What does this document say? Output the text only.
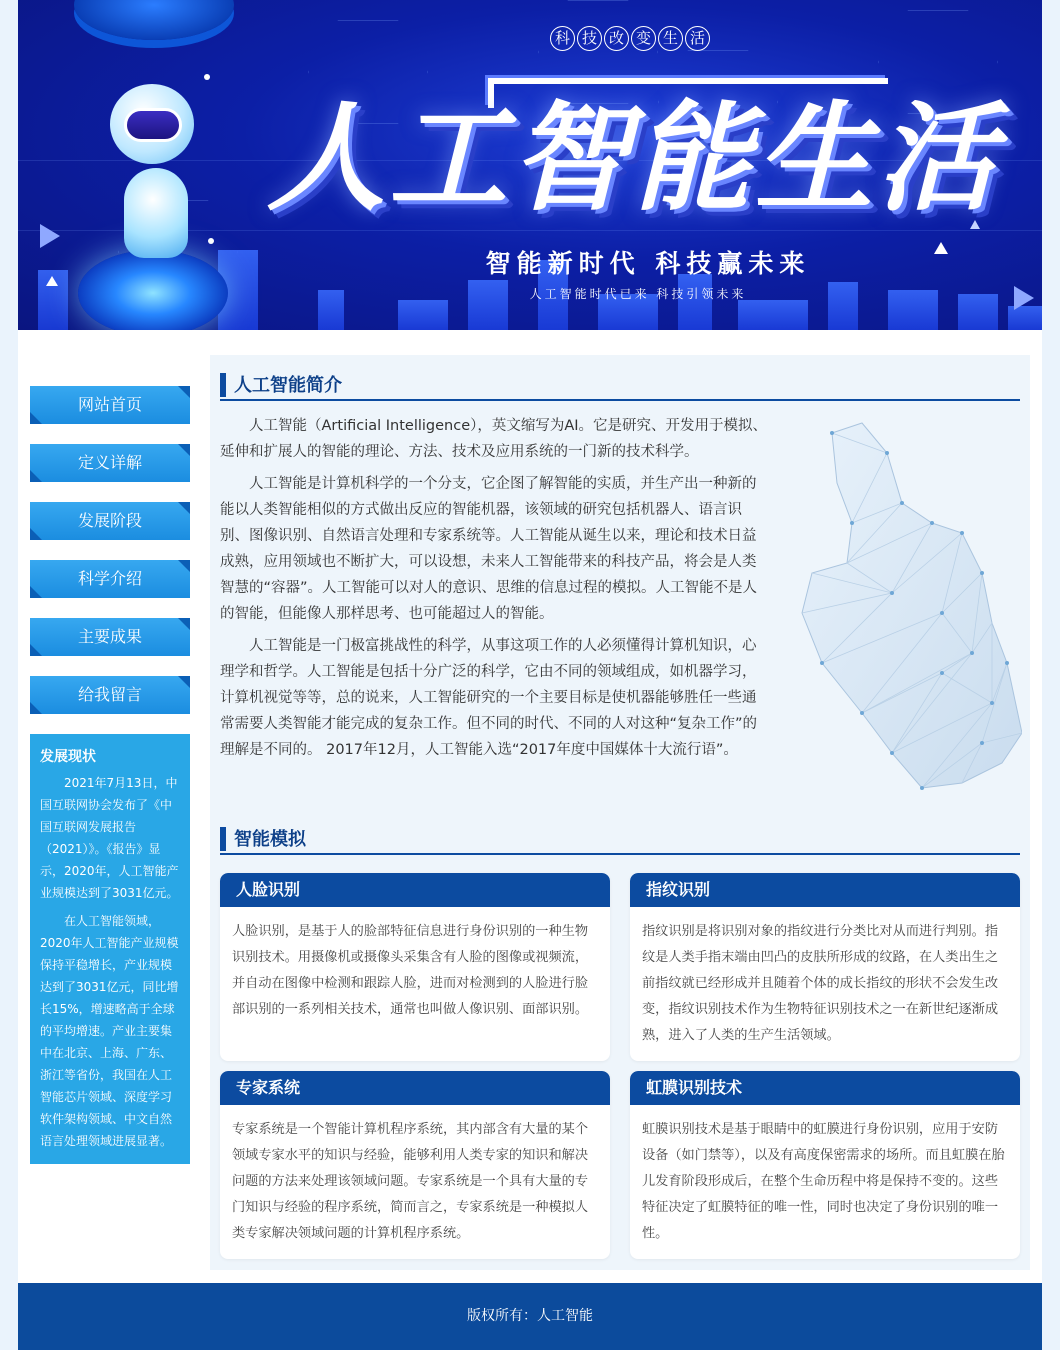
科 技 改 变 生 活
人工智能生活
智能新时代 科技赢未来
人工智能时代已来 科技引领未来
网站首页
定义详解
发展阶段
科学介绍
主要成果
给我留言
发展现状

2021年7月13日，中国互联网协会发布了《中国互联网发展报告（2021）》。《报告》显示，2020年，人工智能产业规模达到了3031亿元。

在人工智能领域，2020年人工智能产业规模保持平稳增长，产业规模达到了3031亿元，同比增长15%，增速略高于全球的平均增速。产业主要集中在北京、上海、广东、浙江等省份，我国在人工智能芯片领域、深度学习软件架构领域、中文自然语言处理领域进展显著。

人工智能简介

人工智能（Artificial Intelligence），英文缩写为AI。它是研究、开发用于模拟、延伸和扩展人的智能的理论、方法、技术及应用系统的一门新的技术科学。

人工智能是计算机科学的一个分支，它企图了解智能的实质，并生产出一种新的能以人类智能相似的方式做出反应的智能机器，该领域的研究包括机器人、语言识别、图像识别、自然语言处理和专家系统等。人工智能从诞生以来，理论和技术日益成熟，应用领域也不断扩大，可以设想，未来人工智能带来的科技产品，将会是人类智慧的“容器”。人工智能可以对人的意识、思维的信息过程的模拟。人工智能不是人的智能，但能像人那样思考、也可能超过人的智能。

人工智能是一门极富挑战性的科学，从事这项工作的人必须懂得计算机知识，心理学和哲学。人工智能是包括十分广泛的科学，它由不同的领域组成，如机器学习，计算机视觉等等，总的说来，人工智能研究的一个主要目标是使机器能够胜任一些通常需要人类智能才能完成的复杂工作。但不同的时代、不同的人对这种“复杂工作”的理解是不同的。 2017年12月，人工智能入选“2017年度中国媒体十大流行语”。

智能模拟
人脸识别
人脸识别，是基于人的脸部特征信息进行身份识别的一种生物识别技术。用摄像机或摄像头采集含有人脸的图像或视频流，并自动在图像中检测和跟踪人脸，进而对检测到的人脸进行脸部识别的一系列相关技术，通常也叫做人像识别、面部识别。
指纹识别
指纹识别是将识别对象的指纹进行分类比对从而进行判别。指纹是人类手指末端由凹凸的皮肤所形成的纹路，在人类出生之前指纹就已经形成并且随着个体的成长指纹的形状不会发生改变，指纹识别技术作为生物特征识别技术之一在新世纪逐渐成熟，进入了人类的生产生活领域。
专家系统
专家系统是一个智能计算机程序系统，其内部含有大量的某个领域专家水平的知识与经验，能够利用人类专家的知识和解决问题的方法来处理该领域问题。专家系统是一个具有大量的专门知识与经验的程序系统，简而言之，专家系统是一种模拟人类专家解决领域问题的计算机程序系统。
虹膜识别技术
虹膜识别技术是基于眼睛中的虹膜进行身份识别，应用于安防设备（如门禁等），以及有高度保密需求的场所。而且虹膜在胎儿发育阶段形成后，在整个生命历程中将是保持不变的。这些特征决定了虹膜特征的唯一性，同时也决定了身份识别的唯一性。
版权所有：人工智能
